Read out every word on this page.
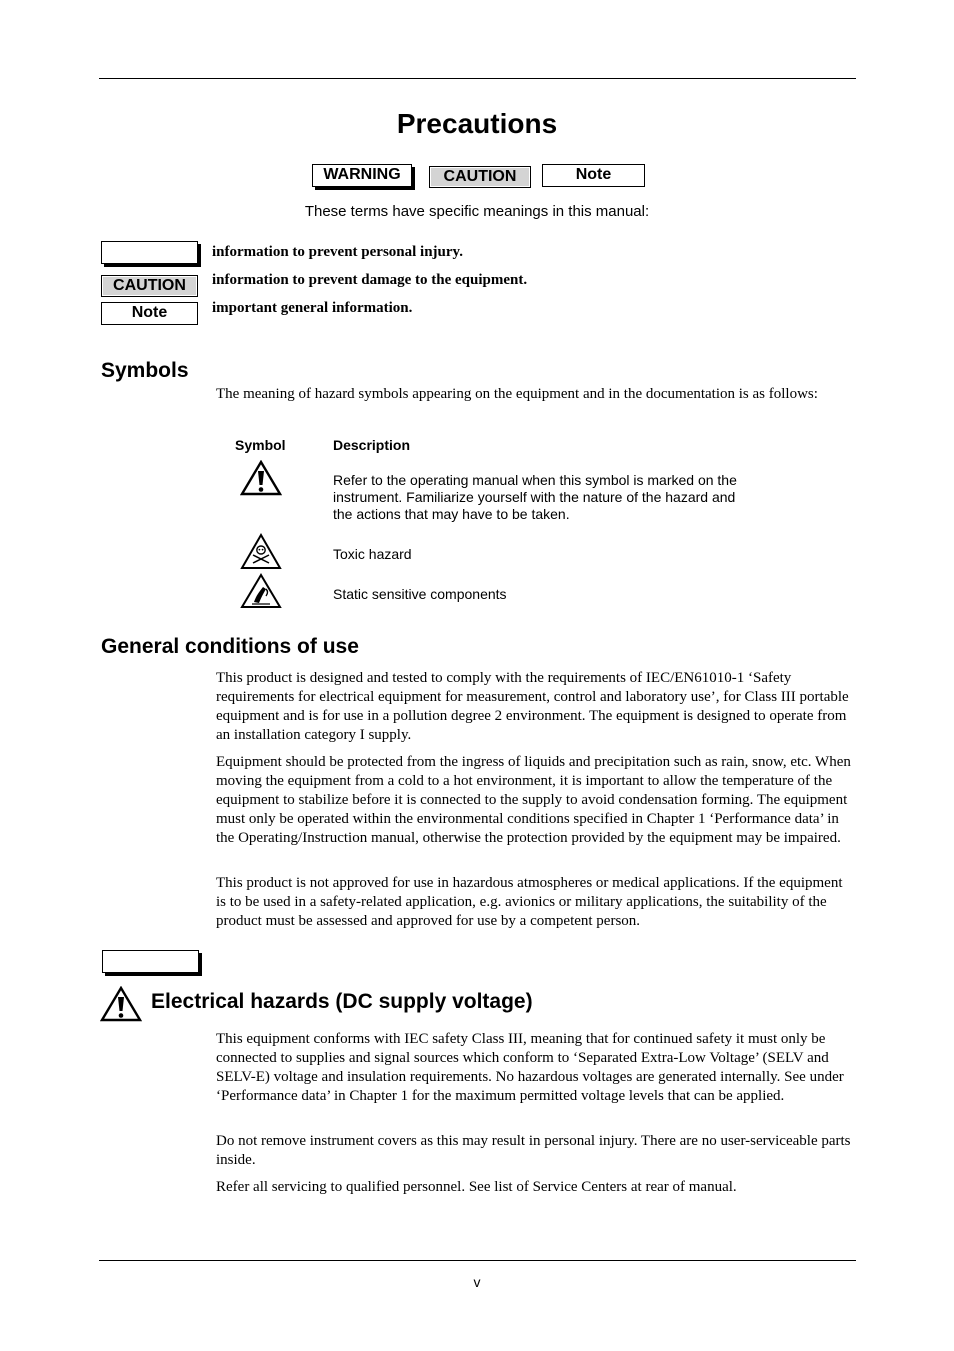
Precautions
WARNING	CAUTION	Note
These terms have specific meanings in this manual:
information to prevent personal injury.
CAUTION	information to prevent damage to the equipment.
Note	important general information.
Symbols
The meaning of hazard symbols appearing on the equipment and in the documentation is as follows:
Symbol	Description
Refer to the operating manual when this symbol is marked on the instrument. Familiarize yourself with the nature of the hazard and the actions that may have to be taken.
Toxic hazard
Static sensitive components
General conditions of use
This product is designed and tested to comply with the requirements of IEC/EN61010-1 ‘Safety requirements for electrical equipment for measurement, control and laboratory use’, for Class III portable equipment and is for use in a pollution degree 2 environment. The equipment is designed to operate from an installation category I supply.
Equipment should be protected from the ingress of liquids and precipitation such as rain, snow, etc. When moving the equipment from a cold to a hot environment, it is important to allow the temperature of the equipment to stabilize before it is connected to the supply to avoid condensation forming. The equipment must only be operated within the environmental conditions specified in Chapter 1 ‘Performance data’ in the Operating/Instruction manual, otherwise the protection provided by the equipment may be impaired.
This product is not approved for use in hazardous atmospheres or medical applications. If the equipment is to be used in a safety-related application, e.g. avionics or military applications, the suitability of the product must be assessed and approved for use by a competent person.
Electrical hazards (DC supply voltage)
This equipment conforms with IEC safety Class III, meaning that for continued safety it must only be connected to supplies and signal sources which conform to ‘Separated Extra-Low Voltage’ (SELV and SELV-E) voltage and insulation requirements. No hazardous voltages are generated internally. See under ‘Performance data’ in Chapter 1 for the maximum permitted voltage levels that can be applied.
Do not remove instrument covers as this may result in personal injury. There are no user-serviceable parts inside.
Refer all servicing to qualified personnel. See list of Service Centers at rear of manual.
v
